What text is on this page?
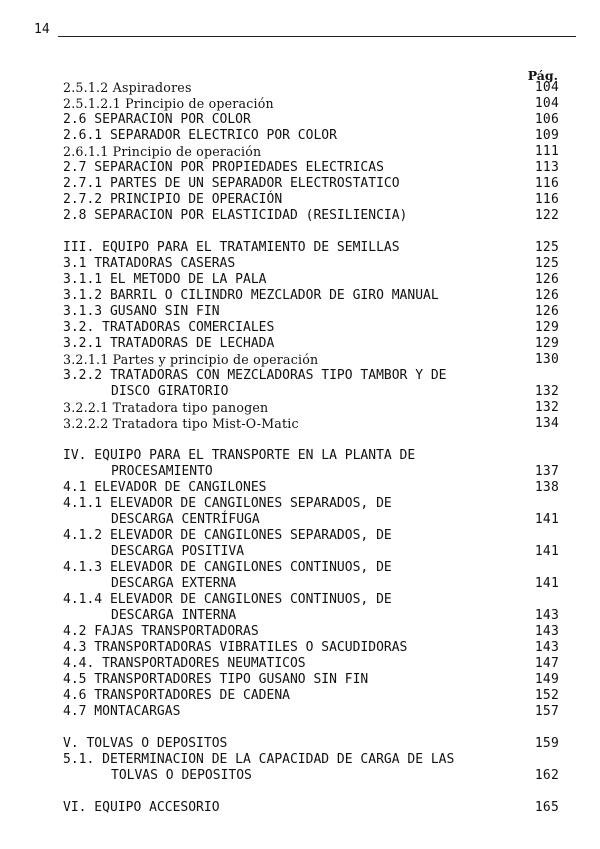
14
Pág.
2.5.1.2 Aspiradores	104
2.5.1.2.1 Principio de operación	104
2.6 SEPARACION POR COLOR	106
2.6.1 SEPARADOR ELECTRICO POR COLOR	109
2.6.1.1 Principio de operación	111
2.7 SEPARACION POR PROPIEDADES ELECTRICAS	113
2.7.1 PARTES DE UN SEPARADOR ELECTROSTATICO	116
2.7.2 PRINCIPIO DE OPERACIÓN	116
2.8 SEPARACION POR ELASTICIDAD (RESILIENCIA)	122
III. EQUIPO PARA EL TRATAMIENTO DE SEMILLAS	125
3.1 TRATADORAS CASERAS	125
3.1.1 EL METODO DE LA PALA	126
3.1.2 BARRIL O CILINDRO MEZCLADOR DE GIRO MANUAL	126
3.1.3 GUSANO SIN FIN	126
3.2. TRATADORAS COMERCIALES	129
3.2.1 TRATADORAS DE LECHADA	129
3.2.1.1 Partes y principio de operación	130
3.2.2 TRATADORAS CON MEZCLADORAS TIPO TAMBOR Y DE
DISCO GIRATORIO	132
3.2.2.1 Tratadora tipo panogen	132
3.2.2.2 Tratadora tipo Mist-O-Matic	134
IV. EQUIPO PARA EL TRANSPORTE EN LA PLANTA DE
PROCESAMIENTO	137
4.1 ELEVADOR DE CANGILONES	138
4.1.1 ELEVADOR DE CANGILONES SEPARADOS, DE
DESCARGA CENTRÍFUGA	141
4.1.2 ELEVADOR DE CANGILONES SEPARADOS, DE
DESCARGA POSITIVA	141
4.1.3 ELEVADOR DE CANGILONES CONTINUOS, DE
DESCARGA EXTERNA	141
4.1.4 ELEVADOR DE CANGILONES CONTINUOS, DE
DESCARGA INTERNA	143
4.2 FAJAS TRANSPORTADORAS	143
4.3 TRANSPORTADORAS VIBRATILES O SACUDIDORAS	143
4.4. TRANSPORTADORES NEUMATICOS	147
4.5 TRANSPORTADORES TIPO GUSANO SIN FIN	149
4.6 TRANSPORTADORES DE CADENA	152
4.7 MONTACARGAS	157
V. TOLVAS O DEPOSITOS	159
5.1. DETERMINACION DE LA CAPACIDAD DE CARGA DE LAS
TOLVAS O DEPOSITOS	162
VI. EQUIPO ACCESORIO	165
